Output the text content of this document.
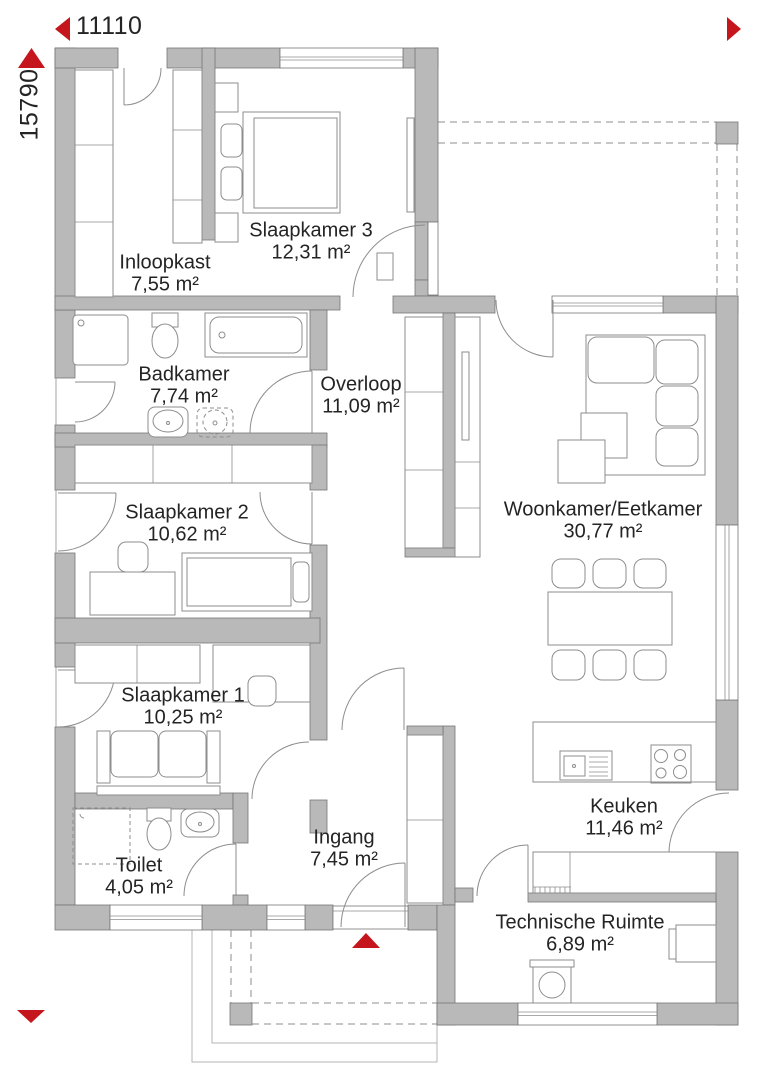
11110
15790
Inloopkast
7,55 m²
Slaapkamer 3
12,31 m²
Badkamer
7,74 m²
Overloop
11,09 m²
Woonkamer/Eetkamer
30,77 m²
Slaapkamer 2
10,62 m²
Slaapkamer 1
10,25 m²
Toilet
4,05 m²
Ingang
7,45 m²
Keuken
11,46 m²
Technische Ruimte
6,89 m²
